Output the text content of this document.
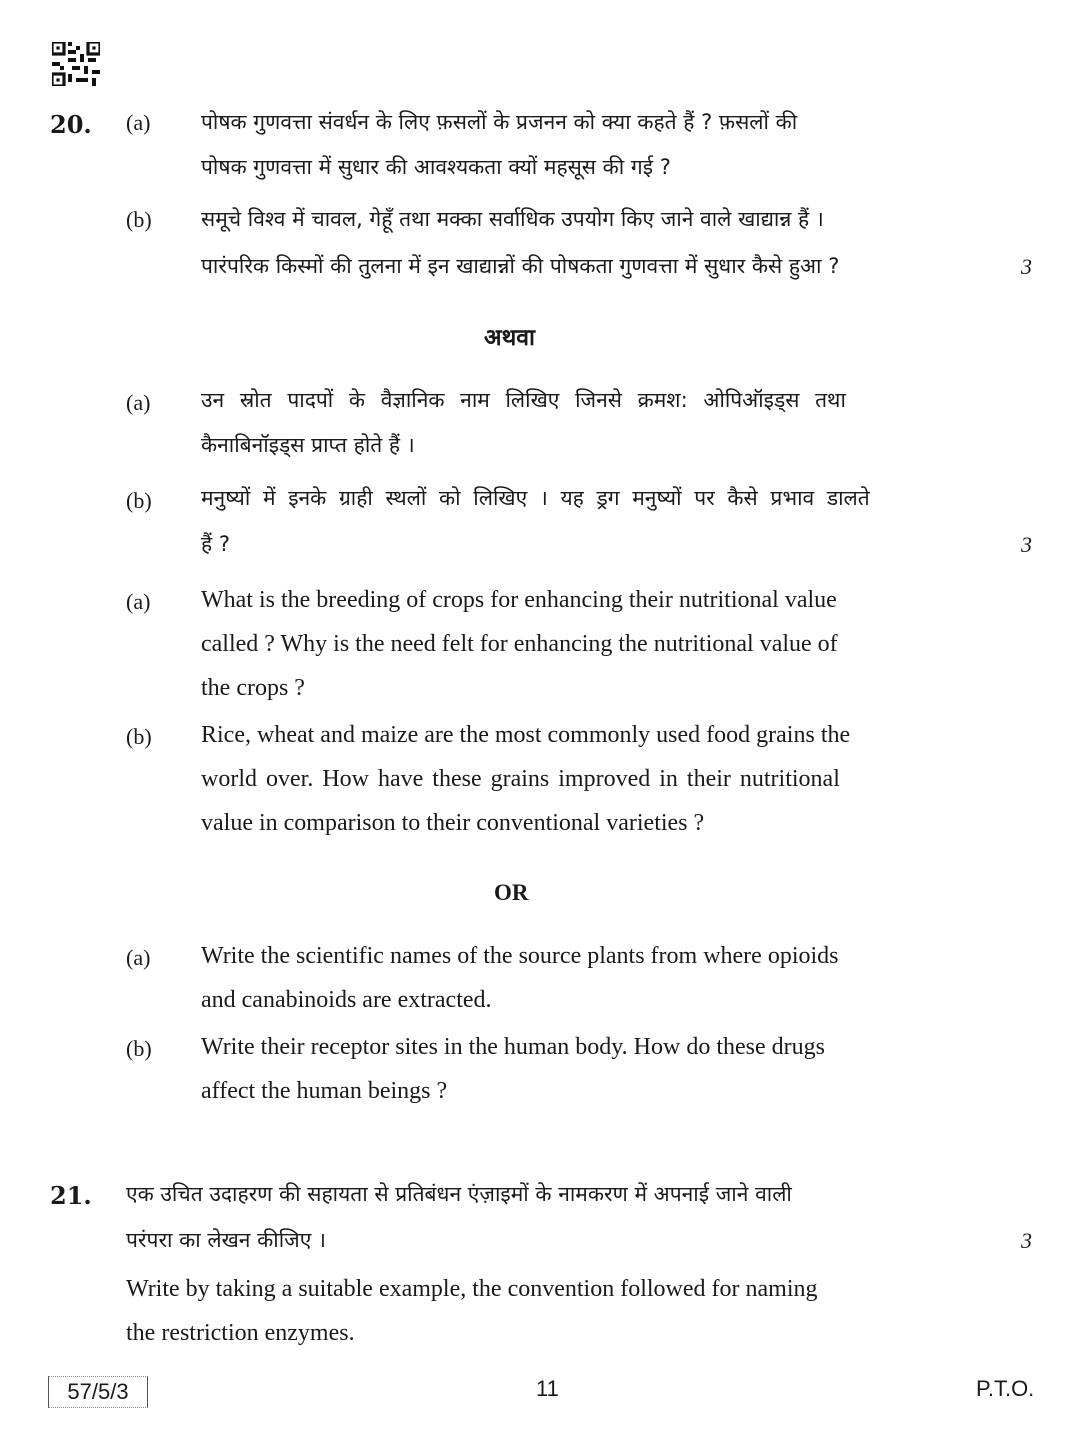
20. (a) पोषक गुणवत्ता संवर्धन के लिए फ़सलों के प्रजनन को क्या कहते हैं ? फ़सलों की
पोषक गुणवत्ता में सुधार की आवश्यकता क्यों महसूस की गई ?
(b) समूचे विश्व में चावल, गेहूँ तथा मक्का सर्वाधिक उपयोग किए जाने वाले खाद्यान्न हैं ।
पारंपरिक किस्मों की तुलना में इन खाद्यान्नों की पोषकता गुणवत्ता में सुधार कैसे हुआ ?	3
अथवा
(a) उन स्रोत पादपों के वैज्ञानिक नाम लिखिए जिनसे क्रमश: ओपिऑइड्स तथा
कैनाबिनॉइड्स प्राप्त होते हैं ।
(b) मनुष्यों में इनके ग्राही स्थलों को लिखिए । यह ड्रग मनुष्यों पर कैसे प्रभाव डालते
हैं ?	3
(a) What is the breeding of crops for enhancing their nutritional value
called ? Why is the need felt for enhancing the nutritional value of
the crops ?
(b) Rice, wheat and maize are the most commonly used food grains the
world over. How have these grains improved in their nutritional
value in comparison to their conventional varieties ?
OR
(a) Write the scientific names of the source plants from where opioids
and canabinoids are extracted.
(b) Write their receptor sites in the human body. How do these drugs
affect the human beings ?
21. एक उचित उदाहरण की सहायता से प्रतिबंधन एंज़ाइमों के नामकरण में अपनाई जाने वाली
परंपरा का लेखन कीजिए ।	3
Write by taking a suitable example, the convention followed for naming
the restriction enzymes.
57/5/3	11	P.T.O.
